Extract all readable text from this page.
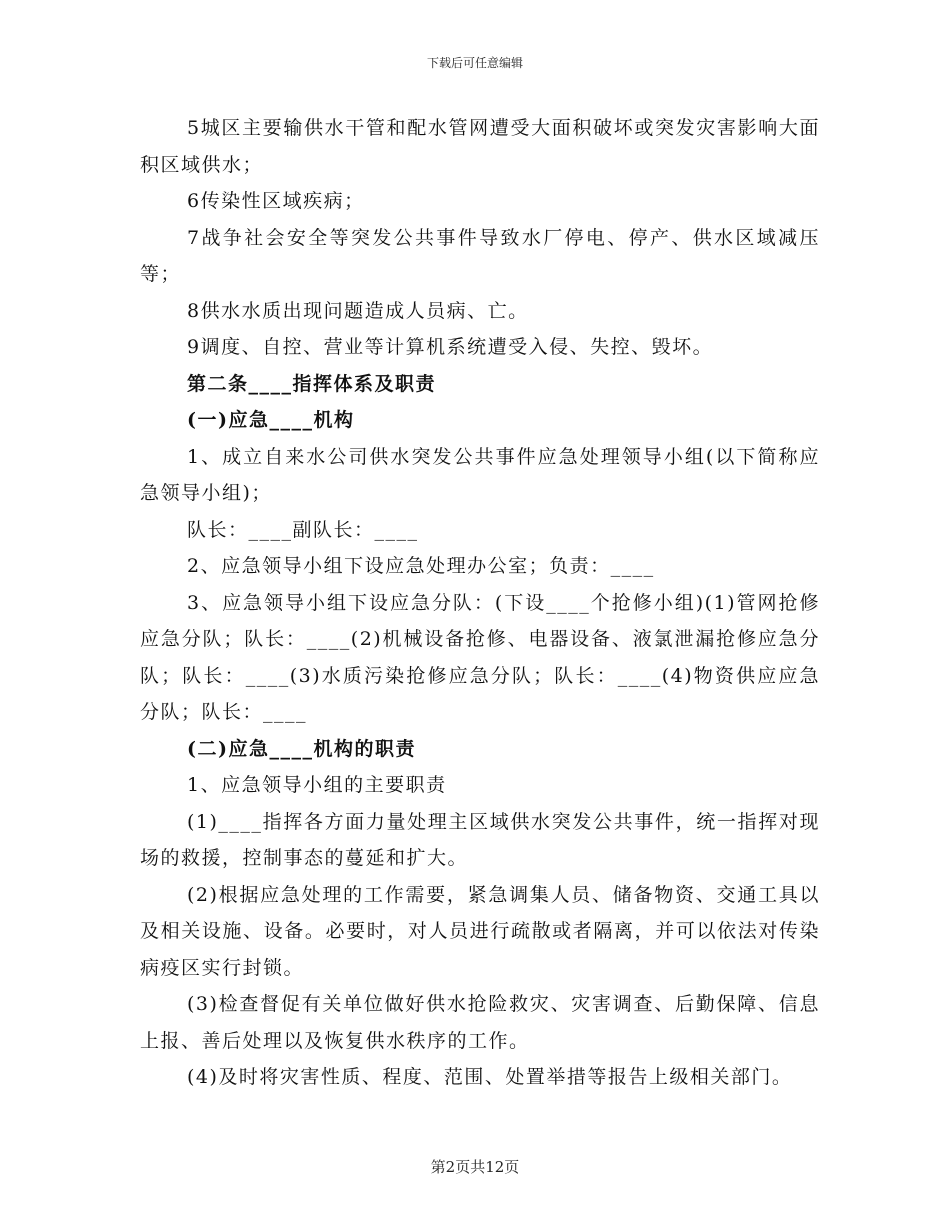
下载后可任意编辑

5城区主要输供水干管和配水管网遭受大面积破坏或突发灾害影响大面积区域供水；

6传染性区域疾病；

7战争社会安全等突发公共事件导致水厂停电、停产、供水区域减压等；

8供水水质出现问题造成人员病、亡。

9调度、自控、营业等计算机系统遭受入侵、失控、毁坏。

第二条____指挥体系及职责

(一)应急____机构

1、成立自来水公司供水突发公共事件应急处理领导小组(以下简称应急领导小组)；

队长：____副队长：____

2、应急领导小组下设应急处理办公室；负责：____

3、应急领导小组下设应急分队：(下设____个抢修小组)(1)管网抢修应急分队；队长：____(2)机械设备抢修、电器设备、液氯泄漏抢修应急分队；队长：____(3)水质污染抢修应急分队；队长：____(4)物资供应应急分队；队长：____

(二)应急____机构的职责

1、应急领导小组的主要职责

(1)____指挥各方面力量处理主区域供水突发公共事件，统一指挥对现场的救援，控制事态的蔓延和扩大。

(2)根据应急处理的工作需要，紧急调集人员、储备物资、交通工具以及相关设施、设备。必要时，对人员进行疏散或者隔离，并可以依法对传染病疫区实行封锁。

(3)检查督促有关单位做好供水抢险救灾、灾害调查、后勤保障、信息上报、善后处理以及恢复供水秩序的工作。

(4)及时将灾害性质、程度、范围、处置举措等报告上级相关部门。

第2页共12页
